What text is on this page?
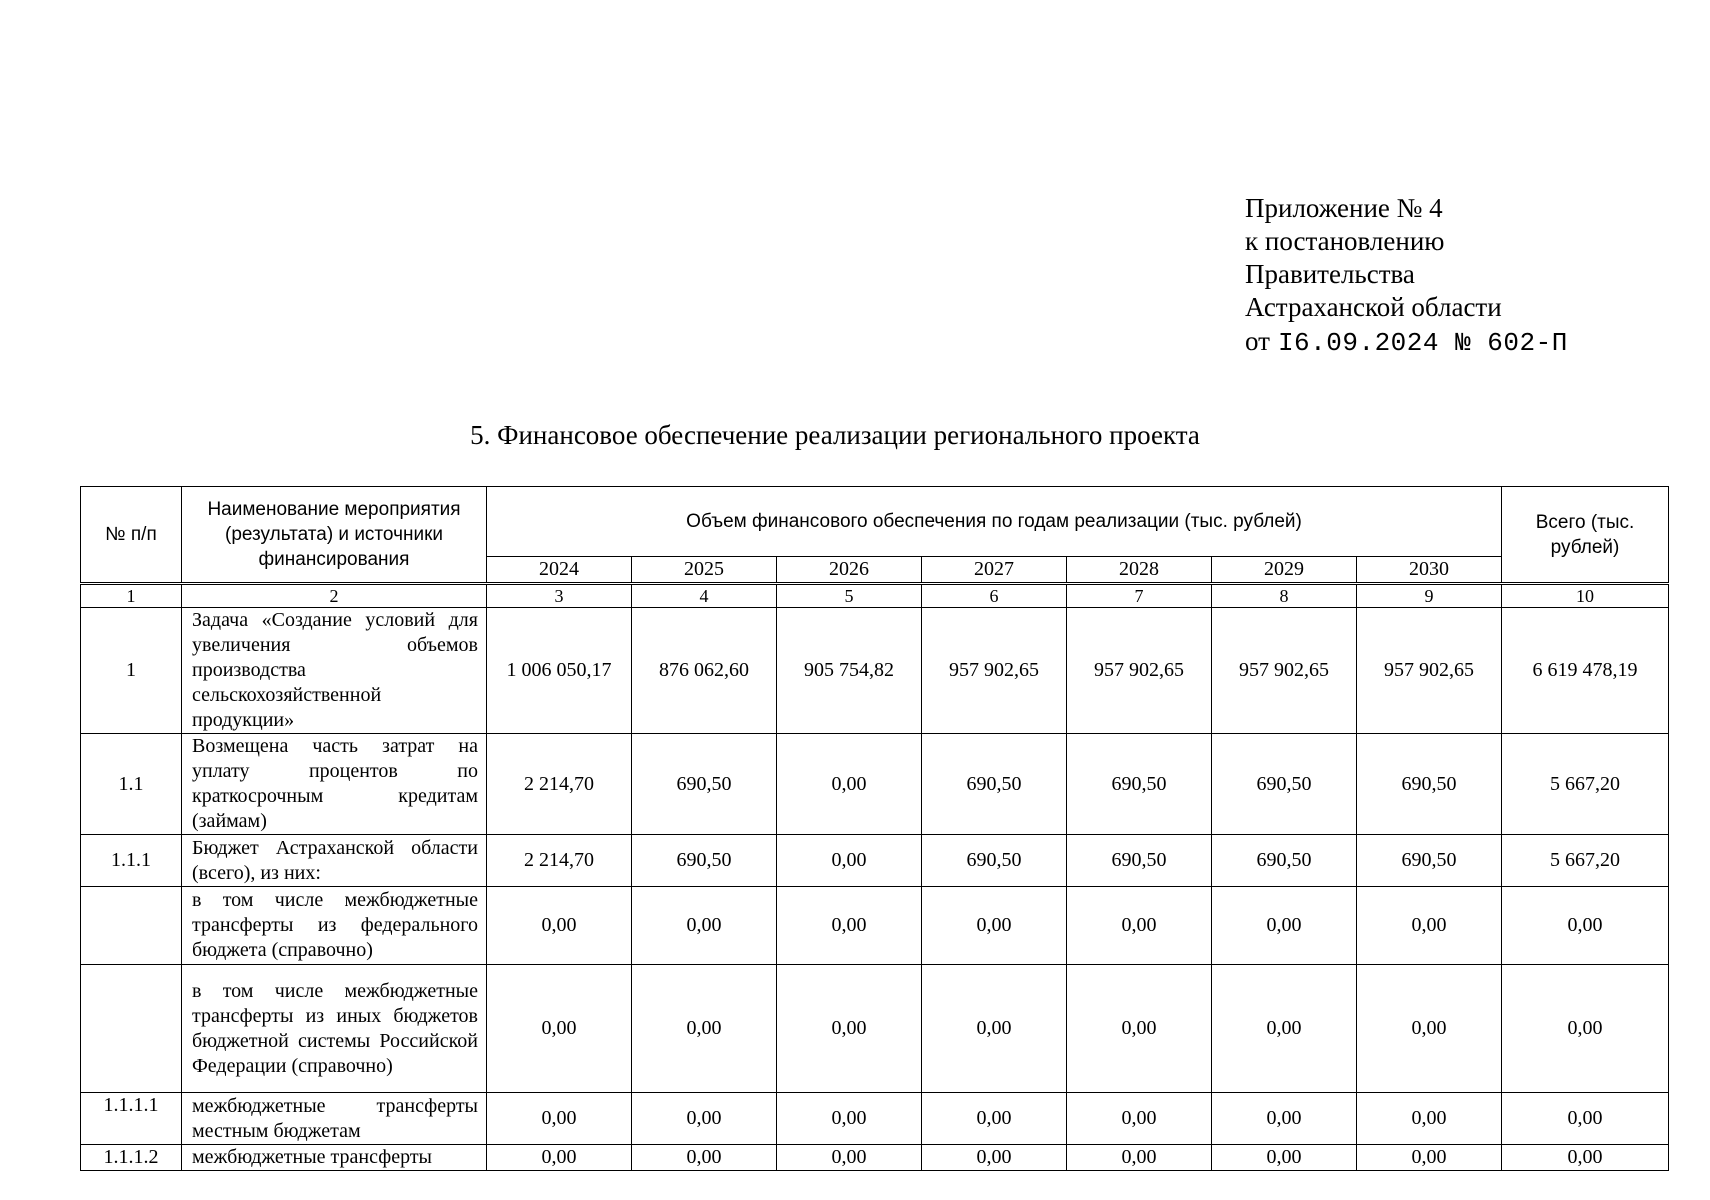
Приложение № 4
к постановлению
Правительства
Астраханской области
от I6.09.2024 № 602-П
5. Финансовое обеспечение реализации регионального проекта
№ п/п	Наименование мероприятия (результата) и источники финансирования	Объем финансового обеспечения по годам реализации (тыс. рублей)							Всего (тыс. рублей)
		2024	2025	2026	2027	2028	2029	2030	
1	2	3	4	5	6	7	8	9	10
1	Задача «Создание условий для увеличения объемов производства сельскохозяйственной продукции»	1 006 050,17	876 062,60	905 754,82	957 902,65	957 902,65	957 902,65	957 902,65	6 619 478,19
1.1	Возмещена часть затрат на уплату процентов по краткосрочным кредитам (займам)	2 214,70	690,50	0,00	690,50	690,50	690,50	690,50	5 667,20
1.1.1	Бюджет Астраханской области (всего), из них:	2 214,70	690,50	0,00	690,50	690,50	690,50	690,50	5 667,20
	в том числе межбюджетные трансферты из федерального бюджета (справочно)	0,00	0,00	0,00	0,00	0,00	0,00	0,00	0,00
	в том числе межбюджетные трансферты из иных бюджетов бюджетной системы Российской Федерации (справочно)	0,00	0,00	0,00	0,00	0,00	0,00	0,00	0,00
1.1.1.1	межбюджетные трансферты местным бюджетам	0,00	0,00	0,00	0,00	0,00	0,00	0,00	0,00
1.1.1.2	межбюджетные трансферты	0,00	0,00	0,00	0,00	0,00	0,00	0,00	0,00
